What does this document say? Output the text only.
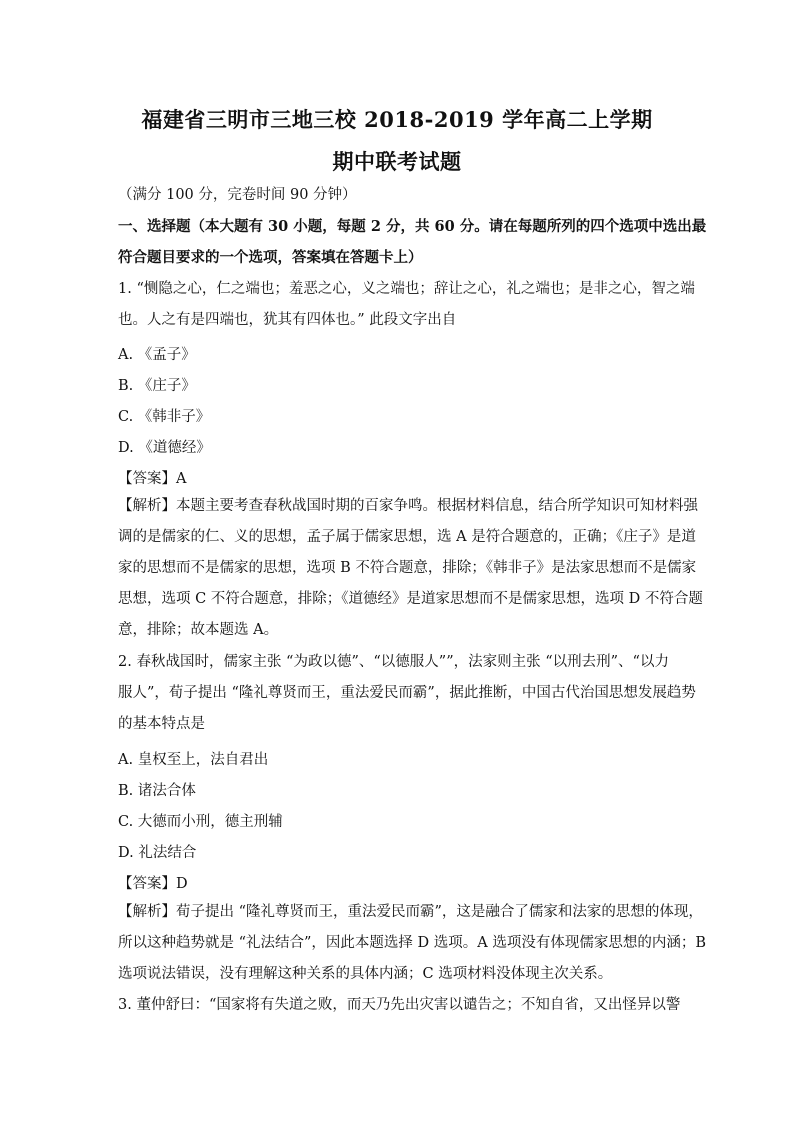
福建省三明市三地三校 2018-2019 学年高二上学期
期中联考试题
（满分 100 分，完卷时间 90 分钟）
一、选择题（本大题有 30 小题，每题 2 分，共 60 分。请在每题所列的四个选项中选出最
符合题目要求的一个选项，答案填在答题卡上）
1. “恻隐之心，仁之端也；羞恶之心，义之端也；辞让之心，礼之端也；是非之心，智之端
也。人之有是四端也，犹其有四体也。” 此段文字出自
A. 《孟子》
B. 《庄子》
C. 《韩非子》
D. 《道德经》
【答案】A
【解析】本题主要考查春秋战国时期的百家争鸣。根据材料信息，结合所学知识可知材料强
调的是儒家的仁、义的思想，孟子属于儒家思想，选 A 是符合题意的，正确；《庄子》是道
家的思想而不是儒家的思想，选项 B 不符合题意，排除；《韩非子》是法家思想而不是儒家
思想，选项 C 不符合题意，排除；《道德经》是道家思想而不是儒家思想，选项 D 不符合题
意，排除；故本题选 A。
2. 春秋战国时，儒家主张 “为政以德”、“以德服人””，法家则主张 “以刑去刑”、“以力
服人”，荀子提出 “隆礼尊贤而王，重法爱民而霸”，据此推断，中国古代治国思想发展趋势
的基本特点是
A. 皇权至上，法自君出
B. 诸法合体
C. 大德而小刑，德主刑辅
D. 礼法结合
【答案】D
【解析】荀子提出 “隆礼尊贤而王，重法爱民而霸”，这是融合了儒家和法家的思想的体现，
所以这种趋势就是 “礼法结合”，因此本题选择 D 选项。A 选项没有体现儒家思想的内涵；B
选项说法错误，没有理解这种关系的具体内涵；C 选项材料没体现主次关系。
3. 董仲舒曰：“国家将有失道之败，而天乃先出灾害以谴告之；不知自省，又出怪异以警
